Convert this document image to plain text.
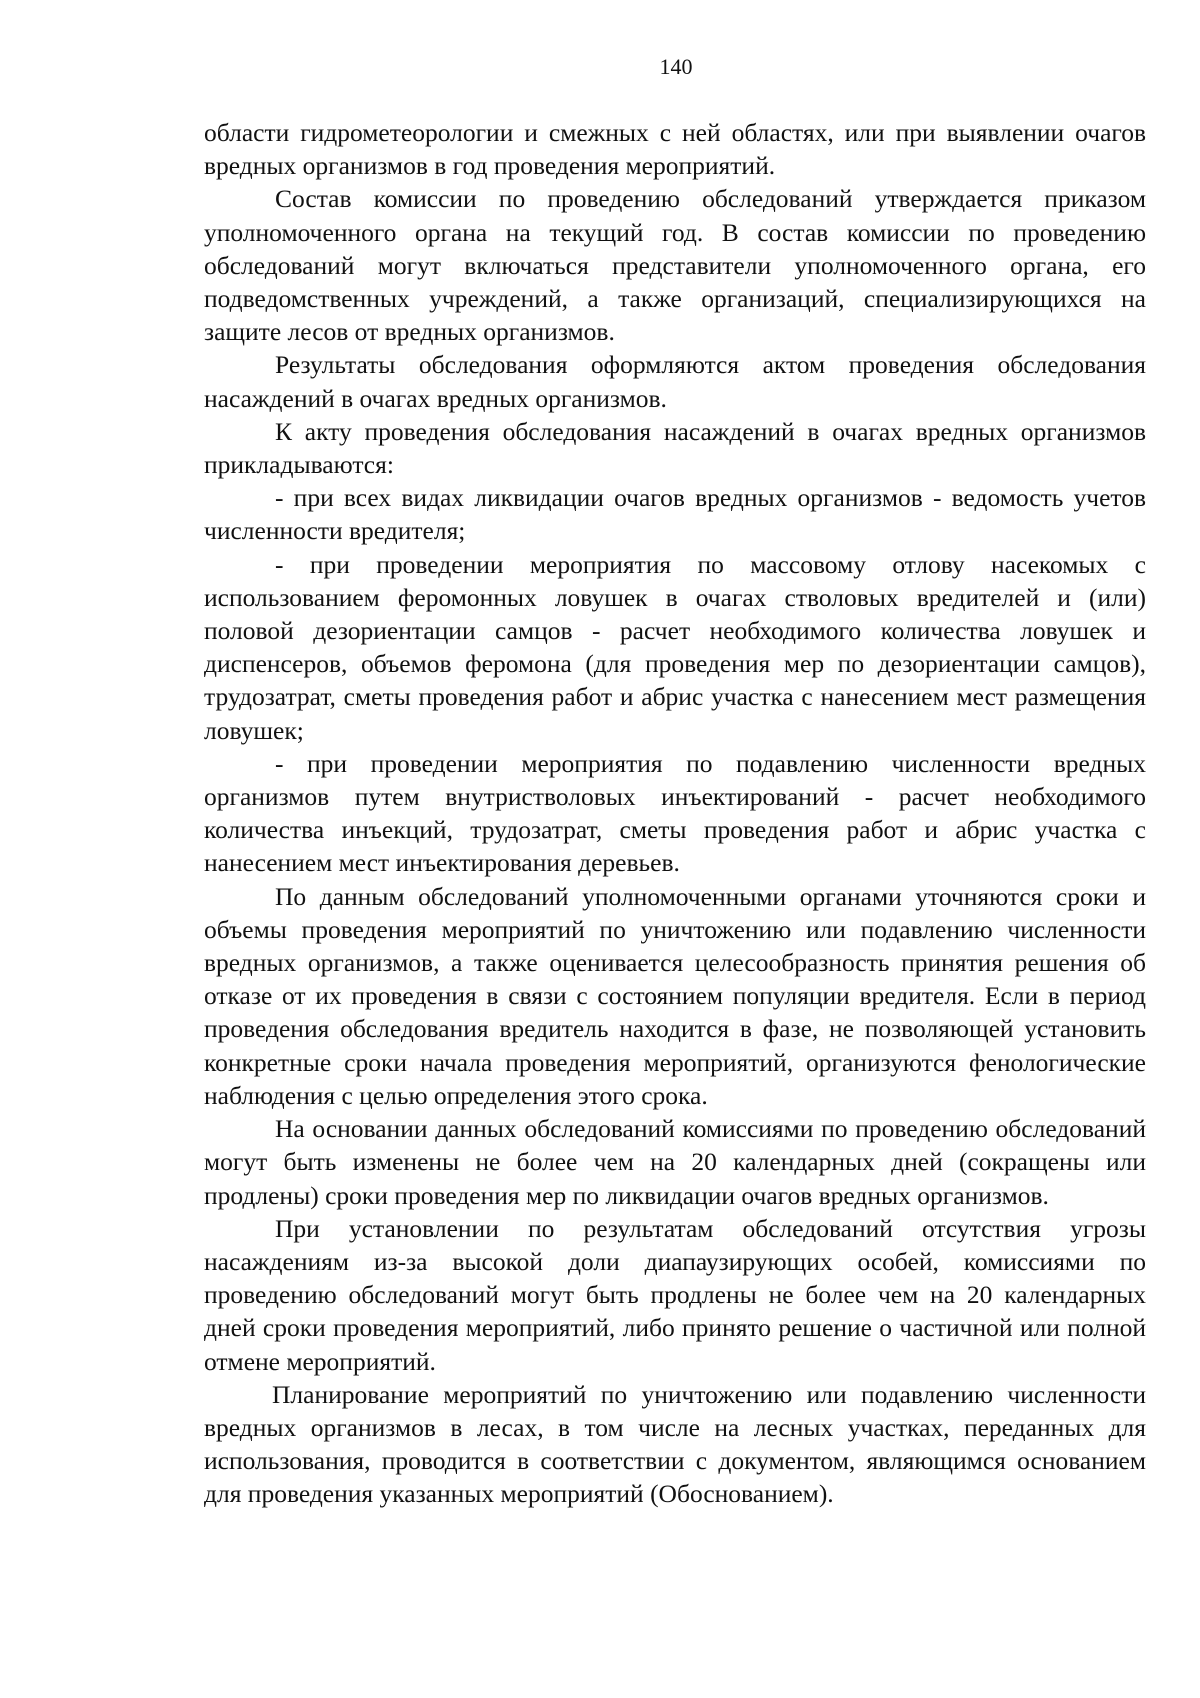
140

области гидрометеорологии и смежных с ней областях, или при выявлении очагов вредных организмов в год проведения мероприятий.

Состав комиссии по проведению обследований утверждается приказом уполномоченного органа на текущий год. В состав комиссии по проведению обследований могут включаться представители уполномоченного органа, его подведомственных учреждений, а также организаций, специализирующихся на защите лесов от вредных организмов.

Результаты обследования оформляются актом проведения обследования насаждений в очагах вредных организмов.

К акту проведения обследования насаждений в очагах вредных организмов прикладываются:

- при всех видах ликвидации очагов вредных организмов - ведомость учетов численности вредителя;

- при проведении мероприятия по массовому отлову насекомых с использованием феромонных ловушек в очагах стволовых вредителей и (или) половой дезориентации самцов - расчет необходимого количества ловушек и диспенсеров, объемов феромона (для проведения мер по дезориентации самцов), трудозатрат, сметы проведения работ и абрис участка с нанесением мест размещения ловушек;

- при проведении мероприятия по подавлению численности вредных организмов путем внутристволовых инъектирований - расчет необходимого количества инъекций, трудозатрат, сметы проведения работ и абрис участка с нанесением мест инъектирования деревьев.

По данным обследований уполномоченными органами уточняются сроки и объемы проведения мероприятий по уничтожению или подавлению численности вредных организмов, а также оценивается целесообразность принятия решения об отказе от их проведения в связи с состоянием популяции вредителя. Если в период проведения обследования вредитель находится в фазе, не позволяющей установить конкретные сроки начала проведения мероприятий, организуются фенологические наблюдения с целью определения этого срока.

На основании данных обследований комиссиями по проведению обследований могут быть изменены не более чем на 20 календарных дней (сокращены или продлены) сроки проведения мер по ликвидации очагов вредных организмов.

При установлении по результатам обследований отсутствия угрозы насаждениям из-за высокой доли диапаузирующих особей, комиссиями по проведению обследований могут быть продлены не более чем на 20 календарных дней сроки проведения мероприятий, либо принято решение о частичной или полной отмене мероприятий.

Планирование мероприятий по уничтожению или подавлению численности вредных организмов в лесах, в том числе на лесных участках, переданных для использования, проводится в соответствии с документом, являющимся основанием для проведения указанных мероприятий (Обоснованием).
